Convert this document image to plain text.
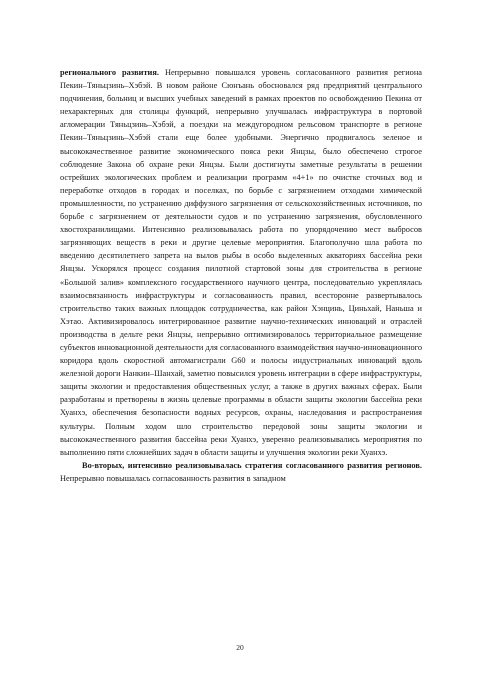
регионального развития. Непрерывно повышался уровень согласованного развития региона Пекин–Тяньцзинь–Хэбэй. В новом районе Сюнъань обосновался ряд предприятий центрального подчинения, больниц и высших учебных заведений в рамках проектов по освобождению Пекина от нехарактерных для столицы функций, непрерывно улучшалась инфраструктура в портовой агломерации Тяньцзинь–Хэбэй, а поездки на междугородном рельсовом транспорте в регионе Пекин–Тяньцзинь–Хэбэй стали еще более удобными. Энергично продвигалось зеленое и высококачественное развитие экономического пояса реки Янцзы, было обеспечено строгое соблюдение Закона об охране реки Янцзы. Были достигнуты заметные результаты в решении острейших экологических проблем и реализации программ «4+1» по очистке сточных вод и переработке отходов в городах и поселках, по борьбе с загрязнением отходами химической промышленности, по устранению диффузного загрязнения от сельскохозяйственных источников, по борьбе с загрязнением от деятельности судов и по устранению загрязнения, обусловленного хвостохранилищами. Интенсивно реализовывалась работа по упорядочению мест выбросов загрязняющих веществ в реки и другие целевые мероприятия. Благополучно шла работа по введению десятилетнего запрета на вылов рыбы в особо выделенных акваториях бассейна реки Янцзы. Ускорялся процесс создания пилотной стартовой зоны для строительства в регионе «Большой залив» комплексного государственного научного центра, последовательно укреплялась взаимосвязанность инфраструктуры и согласованность правил, всесторонне развертывалось строительство таких важных площадок сотрудничества, как район Хэнцинь, Циньхай, Наньша и Хэтао. Активизировалось интегрированное развитие научно-технических инноваций и отраслей производства в дельте реки Янцзы, непрерывно оптимизировалось территориальное размещение субъектов инновационной деятельности для согласованного взаимодействия научно-инновационного коридора вдоль скоростной автомагистрали G60 и полосы индустриальных инноваций вдоль железной дороги Нанкин–Шанхай, заметно повысился уровень интеграции в сфере инфраструктуры, защиты экологии и предоставления общественных услуг, а также в других важных сферах. Были разработаны и претворены в жизнь целевые программы в области защиты экологии бассейна реки Хуанхэ, обеспечения безопасности водных ресурсов, охраны, наследования и распространения культуры. Полным ходом шло строительство передовой зоны защиты экологии и высококачественного развития бассейна реки Хуанхэ, уверенно реализовывались мероприятия по выполнению пяти сложнейших задач в области защиты и улучшения экологии реки Хуанхэ.

Во-вторых, интенсивно реализовывалась стратегия согласованного развития регионов. Непрерывно повышалась согласованность развития в западном

20
